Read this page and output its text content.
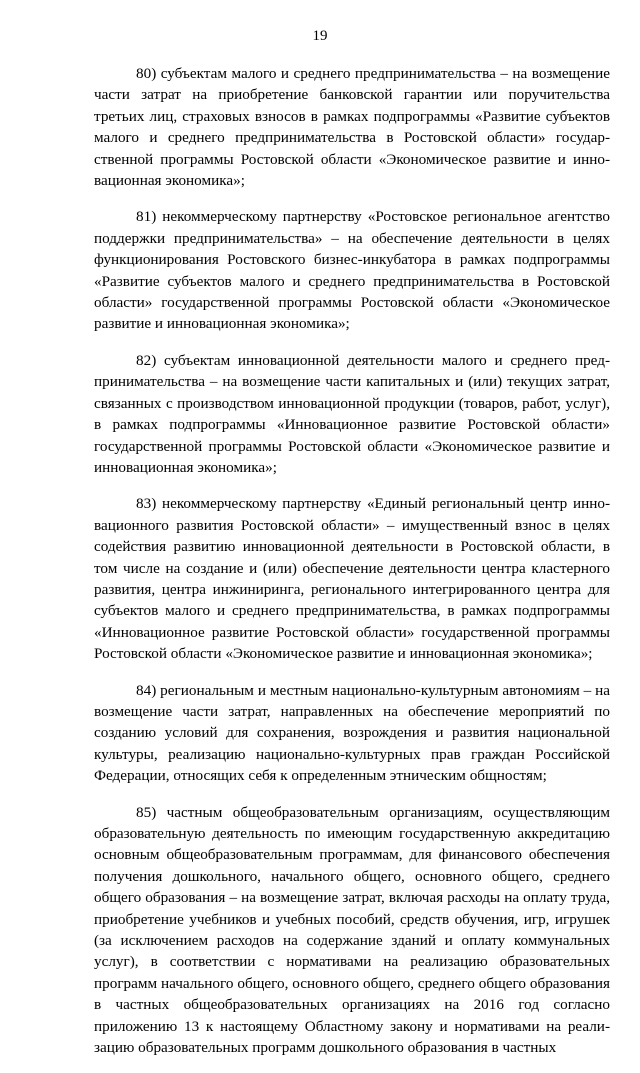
19

80) субъектам малого и среднего предпринимательства – на возмещение части затрат на приобретение банковской гарантии или поручительства третьих лиц, страховых взносов в рамках подпрограммы «Развитие субъектов малого и среднего предпринимательства в Ростовской области» государственной программы Ростовской области «Экономическое развитие и инновационная экономика»;

81) некоммерческому партнерству «Ростовское региональное агентство поддержки предпринимательства» – на обеспечение деятельности в целях функционирования Ростовского бизнес-инкубатора в рамках подпрограммы «Развитие субъектов малого и среднего предпринимательства в Ростовской области» государственной программы Ростовской области «Экономическое развитие и инновационная экономика»;

82) субъектам инновационной деятельности малого и среднего предпринимательства – на возмещение части капитальных и (или) текущих затрат, связанных с производством инновационной продукции (товаров, работ, услуг), в рамках подпрограммы «Инновационное развитие Ростовской области» государственной программы Ростовской области «Экономическое развитие и инновационная экономика»;

83) некоммерческому партнерству «Единый региональный центр инновационного развития Ростовской области» – имущественный взнос в целях содействия развитию инновационной деятельности в Ростовской области, в том числе на создание и (или) обеспечение деятельности центра кластерного развития, центра инжиниринга, регионального интегрированного центра для субъектов малого и среднего предпринимательства, в рамках подпрограммы «Инновационное развитие Ростовской области» государственной программы Ростовской области «Экономическое развитие и инновационная экономика»;

84) региональным и местным национально-культурным автономиям – на возмещение части затрат, направленных на обеспечение мероприятий по созданию условий для сохранения, возрождения и развития национальной культуры, реализацию национально-культурных прав граждан Российской Федерации, относящих себя к определенным этническим общностям;

85) частным общеобразовательным организациям, осуществляющим образовательную деятельность по имеющим государственную аккредитацию основным общеобразовательным программам, для финансового обеспечения получения дошкольного, начального общего, основного общего, среднего общего образования – на возмещение затрат, включая расходы на оплату труда, приобретение учебников и учебных пособий, средств обучения, игр, игрушек (за исключением расходов на содержание зданий и оплату коммунальных услуг), в соответствии с нормативами на реализацию образовательных программ начального общего, основного общего, среднего общего образования в частных общеобразовательных организациях на 2016 год согласно приложению 13 к настоящему Областному закону и нормативами на реализацию образовательных программ дошкольного образования в частных
